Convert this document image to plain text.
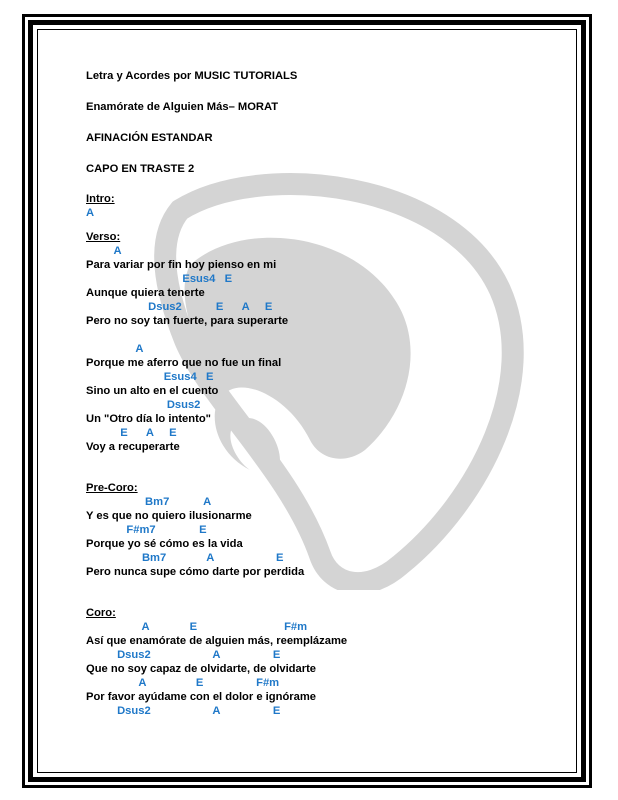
Letra y Acordes por MUSIC TUTORIALS
Enamórate de Alguien Más– MORAT
AFINACIÓN ESTANDAR
CAPO EN TRASTE 2
Intro:
A
Verso:
A
Para variar por fin hoy pienso en mi
Esus4   E
Aunque quiera tenerte
Dsus2           E      A     E
Pero no soy tan fuerte, para superarte
A
Porque me aferro que no fue un final
Esus4   E
Sino un alto en el cuento
Dsus2
Un "Otro día lo intento"
E      A     E
Voy a recuperarte
Pre-Coro:
Bm7           A
Y es que no quiero ilusionarme
F#m7              E
Porque yo sé cómo es la vida
Bm7             A                    E
Pero nunca supe cómo darte por perdida
Coro:
A             E                            F#m
Así que enamórate de alguien más, reemplázame
Dsus2                    A                 E
Que no soy capaz de olvidarte, de olvidarte
A                E                 F#m
Por favor ayúdame con el dolor e ignórame
Dsus2                    A                 E
